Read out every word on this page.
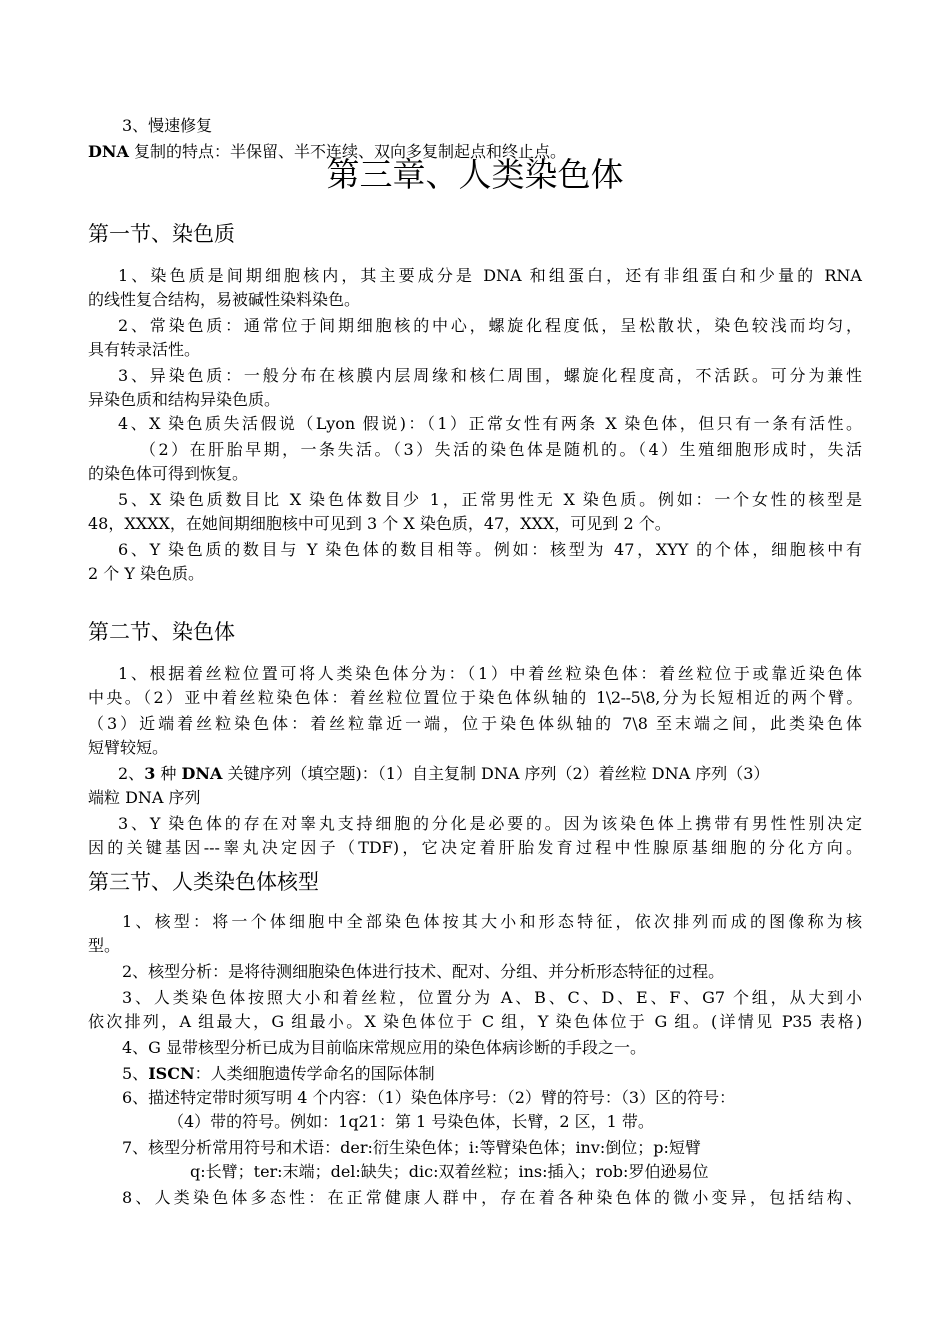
3、慢速修复
DNA 复制的特点：半保留、半不连续、双向多复制起点和终止点。
第三章、人类染色体
第一节、染色质
1、染色质是间期细胞核内，其主要成分是 DNA 和组蛋白，还有非组蛋白和少量的 RNA
的线性复合结构，易被碱性染料染色。
2、常染色质：通常位于间期细胞核的中心，螺旋化程度低，呈松散状，染色较浅而均匀，
具有转录活性。
3、异染色质：一般分布在核膜内层周缘和核仁周围，螺旋化程度高，不活跃。可分为兼性
异染色质和结构异染色质。
4、X 染色质失活假说（Lyon 假说)：（1）正常女性有两条 X 染色体，但只有一条有活性。
（2）在肝胎早期，一条失活。（3）失活的染色体是随机的。（4）生殖细胞形成时，失活
的染色体可得到恢复。
5、X 染色质数目比 X 染色体数目少 1，正常男性无 X 染色质。例如：一个女性的核型是
48，XXXX，在她间期细胞核中可见到 3 个 X 染色质，47，XXX，可见到 2 个。
6、Y 染色质的数目与 Y 染色体的数目相等。例如：核型为 47，XYY 的个体，细胞核中有
2 个 Y 染色质。
第二节、染色体
1、根据着丝粒位置可将人类染色体分为：（1）中着丝粒染色体：着丝粒位于或靠近染色体
中央。（2）亚中着丝粒染色体：着丝粒位置位于染色体纵轴的 1\2--5\8,分为长短相近的两个臂。
（3）近端着丝粒染色体：着丝粒靠近一端，位于染色体纵轴的 7\8 至末端之间，此类染色体
短臂较短。
2、3 种 DNA 关键序列（填空题)：（1）自主复制 DNA 序列（2）着丝粒 DNA 序列（3）
端粒 DNA 序列
3、Y 染色体的存在对睾丸支持细胞的分化是必要的。因为该染色体上携带有男性性别决定
因的关键基因---睾丸决定因子（TDF)，它决定着肝胎发育过程中性腺原基细胞的分化方向。
第三节、人类染色体核型
1、核型：将一个体细胞中全部染色体按其大小和形态特征，依次排列而成的图像称为核
型。
2、核型分析：是将待测细胞染色体进行技术、配对、分组、并分析形态特征的过程。
3、人类染色体按照大小和着丝粒，位置分为 A、B、C、D、E、F、G7 个组，从大到小
依次排列，A 组最大，G 组最小。X 染色体位于 C 组，Y 染色体位于 G 组。(详情见 P35 表格)
4、G 显带核型分析已成为目前临床常规应用的染色体病诊断的手段之一。
5、ISCN：人类细胞遗传学命名的国际体制
6、描述特定带时须写明 4 个内容：（1）染色体序号：（2）臂的符号：（3）区的符号：
（4）带的符号。例如：1q21：第 1 号染色体，长臂，2 区，1 带。
7、核型分析常用符号和术语：der:衍生染色体；i:等臂染色体；inv:倒位；p:短臂
q:长臂；ter:末端；del:缺失；dic:双着丝粒；ins:插入；rob:罗伯逊易位
8、人类染色体多态性：在正常健康人群中，存在着各种染色体的微小变异，包括结构、
